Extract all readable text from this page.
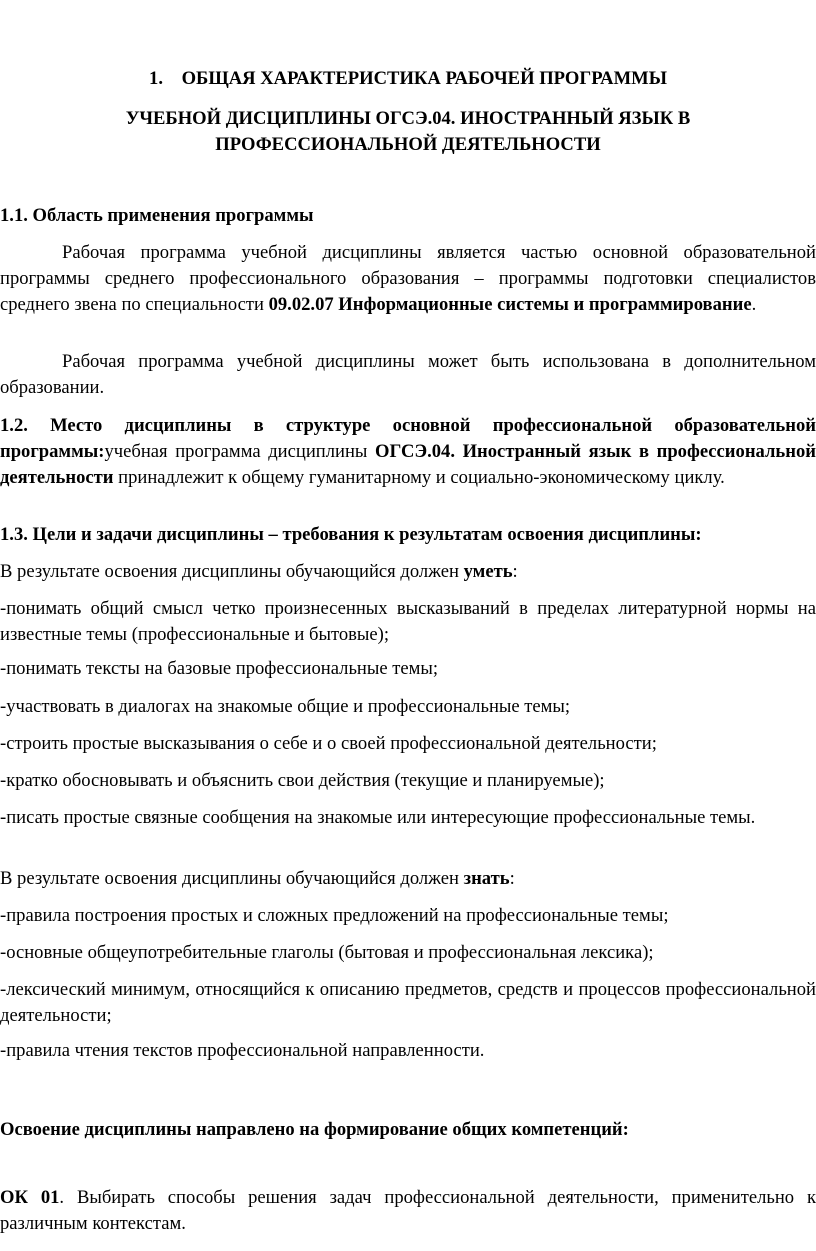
1. ОБЩАЯ ХАРАКТЕРИСТИКА РАБОЧЕЙ ПРОГРАММЫ

УЧЕБНОЙ ДИСЦИПЛИНЫ ОГСЭ.04. ИНОСТРАННЫЙ ЯЗЫК В ПРОФЕССИОНАЛЬНОЙ ДЕЯТЕЛЬНОСТИ

1.1. Область применения программы

Рабочая программа учебной дисциплины является частью основной образовательной программы среднего профессионального образования – программы подготовки специалистов среднего звена по специальности 09.02.07 Информационные системы и программирование.

Рабочая программа учебной дисциплины может быть использована в дополнительном образовании.

1.2. Место дисциплины в структуре основной профессиональной образовательной программы:учебная программа дисциплины ОГСЭ.04. Иностранный язык в профессиональной деятельности принадлежит к общему гуманитарному и социально-экономическому циклу.

1.3. Цели и задачи дисциплины – требования к результатам освоения дисциплины:

В результате освоения дисциплины обучающийся должен уметь:

-понимать общий смысл четко произнесенных высказываний в пределах литературной нормы на известные темы (профессиональные и бытовые);

-понимать тексты на базовые профессиональные темы;

-участвовать в диалогах на знакомые общие и профессиональные темы;

-строить простые высказывания о себе и о своей профессиональной деятельности;

-кратко обосновывать и объяснить свои действия (текущие и планируемые);

-писать простые связные сообщения на знакомые или интересующие профессиональные темы.

В результате освоения дисциплины обучающийся должен знать:

-правила построения простых и сложных предложений на профессиональные темы;

-основные общеупотребительные глаголы (бытовая и профессиональная лексика);

-лексический минимум, относящийся к описанию предметов, средств и процессов профессиональной деятельности;

-правила чтения текстов профессиональной направленности.

Освоение дисциплины направлено на формирование общих компетенций:

ОК 01. Выбирать способы решения задач профессиональной деятельности, применительно к различным контекстам.
